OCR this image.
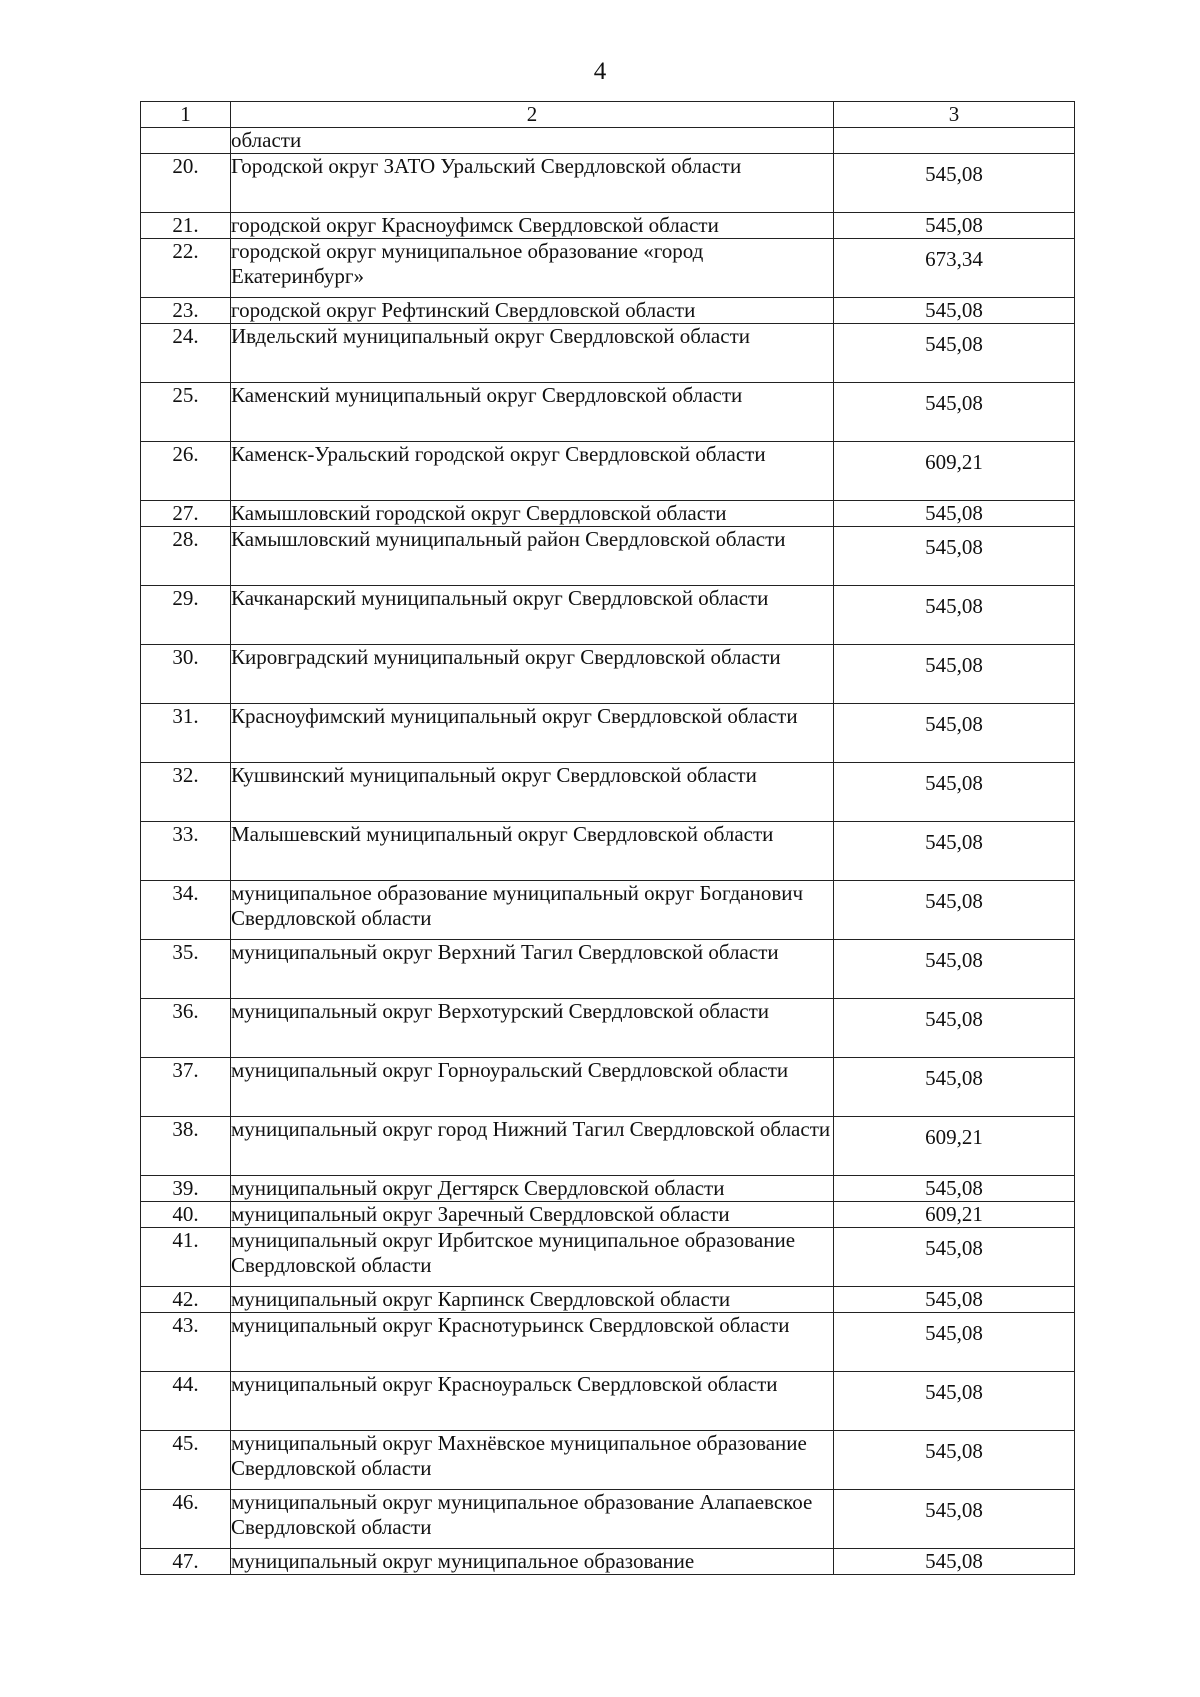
4
1	2	3
	области	
20.	Городской округ ЗАТО Уральский Свердловской области	545,08
21.	городской округ Красноуфимск Свердловской области	545,08
22.	городской округ муниципальное образование «город Екатеринбург»	673,34
23.	городской округ Рефтинский Свердловской области	545,08
24.	Ивдельский муниципальный округ Свердловской области	545,08
25.	Каменский муниципальный округ Свердловской области	545,08
26.	Каменск-Уральский городской округ Свердловской области	609,21
27.	Камышловский городской округ Свердловской области	545,08
28.	Камышловский муниципальный район Свердловской области	545,08
29.	Качканарский муниципальный округ Свердловской области	545,08
30.	Кировградский муниципальный округ Свердловской области	545,08
31.	Красноуфимский муниципальный округ Свердловской области	545,08
32.	Кушвинский муниципальный округ Свердловской области	545,08
33.	Малышевский муниципальный округ Свердловской области	545,08
34.	муниципальное образование муниципальный округ Богданович Свердловской области	545,08
35.	муниципальный округ Верхний Тагил Свердловской области	545,08
36.	муниципальный округ Верхотурский Свердловской области	545,08
37.	муниципальный округ Горноуральский Свердловской области	545,08
38.	муниципальный округ город Нижний Тагил Свердловской области	609,21
39.	муниципальный округ Дегтярск Свердловской области	545,08
40.	муниципальный округ Заречный Свердловской области	609,21
41.	муниципальный округ Ирбитское муниципальное образование Свердловской области	545,08
42.	муниципальный округ Карпинск Свердловской области	545,08
43.	муниципальный округ Краснотурьинск Свердловской области	545,08
44.	муниципальный округ Красноуральск Свердловской области	545,08
45.	муниципальный округ Махнёвское муниципальное образование Свердловской области	545,08
46.	муниципальный округ муниципальное образование Алапаевское Свердловской области	545,08
47.	муниципальный округ муниципальное образование	545,08
